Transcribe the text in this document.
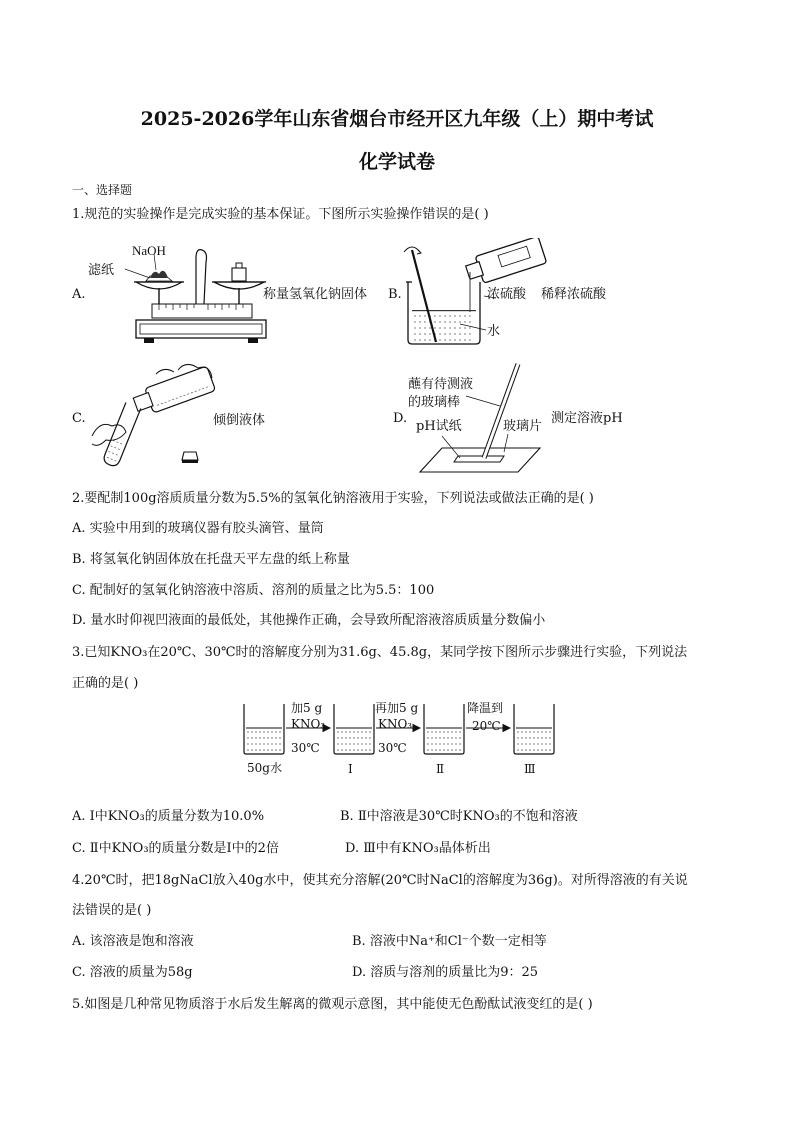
2025-2026学年山东省烟台市经开区九年级（上）期中考试
化学试卷
一、选择题
1.规范的实验操作是完成实验的基本保证。下图所示实验操作错误的是( )
A.
滤纸
NaOH
称量氢氧化钠固体 B.	浓硫酸
水
稀释浓硫酸
C.	倾倒液体	D.
蘸有待测液
的玻璃棒
pH试纸	玻璃片
测定溶液pH
2.要配制100g溶质质量分数为5.5%的氢氧化钠溶液用于实验，下列说法或做法正确的是( )
A. 实验中用到的玻璃仪器有胶头滴管、量筒
B. 将氢氧化钠固体放在托盘天平左盘的纸上称量
C. 配制好的氢氧化钠溶液中溶质、溶剂的质量之比为5.5：100
D. 量水时仰视凹液面的最低处，其他操作正确，会导致所配溶液溶质质量分数偏小
3.已知KNO₃在20℃、30℃时的溶解度分别为31.6g、45.8g，某同学按下图所示步骤进行实验，下列说法
正确的是( )
加5 g
KNO₃
30℃
再加5 g
KNO₃
30℃
降温到
20℃
50g水	Ⅰ	Ⅱ	Ⅲ
A. Ⅰ中KNO₃的质量分数为10.0%	B. Ⅱ中溶液是30℃时KNO₃的不饱和溶液
C. Ⅱ中KNO₃的质量分数是Ⅰ中的2倍	D. Ⅲ中有KNO₃晶体析出
4.20℃时，把18gNaCl放入40g水中，使其充分溶解(20℃时NaCl的溶解度为36g)。对所得溶液的有关说
法错误的是( )
A. 该溶液是饱和溶液	B. 溶液中Na⁺和Cl⁻个数一定相等
C. 溶液的质量为58g	D. 溶质与溶剂的质量比为9：25
5.如图是几种常见物质溶于水后发生解离的微观示意图，其中能使无色酚酞试液变红的是( )
